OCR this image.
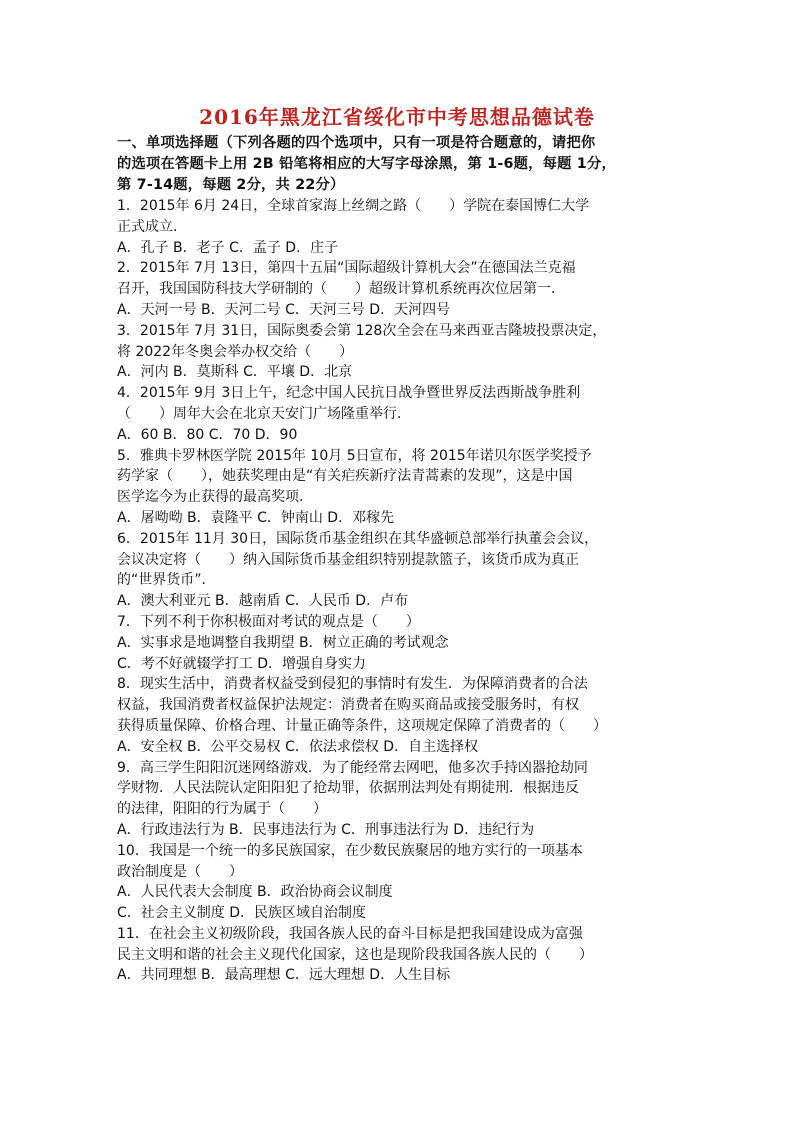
2016年黑龙江省绥化市中考思想品德试卷
一、单项选择题（下列各题的四个选项中，只有一项是符合题意的，请把你
的选项在答题卡上用 2B 铅笔将相应的大写字母涂黑，第 1-6题，每题 1分，
第 7-14题，每题 2分，共 22分）
1．2015年 6月 24日，全球首家海上丝绸之路（　　）学院在泰国博仁大学
正式成立．
A．孔子 B．老子 C．孟子 D．庄子
2．2015年 7月 13日，第四十五届“国际超级计算机大会”在德国法兰克福
召开，我国国防科技大学研制的（　　）超级计算机系统再次位居第一．
A．天河一号 B．天河二号 C．天河三号 D．天河四号
3．2015年 7月 31日，国际奥委会第 128次全会在马来西亚吉隆坡投票决定，
将 2022年冬奥会举办权交给（　　）
A．河内 B．莫斯科 C．平壤 D．北京
4．2015年 9月 3日上午，纪念中国人民抗日战争暨世界反法西斯战争胜利
（　　）周年大会在北京天安门广场隆重举行．
A．60 B．80 C．70 D．90
5．雅典卡罗林医学院 2015年 10月 5日宣布，将 2015年诺贝尔医学奖授予
药学家（　　），她获奖理由是“有关疟疾新疗法青蒿素的发现”，这是中国
医学迄今为止获得的最高奖项．
A．屠呦呦 B．袁隆平 C．钟南山 D．邓稼先
6．2015年 11月 30日，国际货币基金组织在其华盛顿总部举行执董会会议，
会议决定将（　　）纳入国际货币基金组织特别提款篮子，该货币成为真正
的“世界货币”．
A．澳大利亚元 B．越南盾 C．人民币 D．卢布
7．下列不利于你积极面对考试的观点是（　　）
A．实事求是地调整自我期望 B．树立正确的考试观念
C．考不好就辍学打工 D．增强自身实力
8．现实生活中，消费者权益受到侵犯的事情时有发生．为保障消费者的合法
权益，我国消费者权益保护法规定：消费者在购买商品或接受服务时，有权
获得质量保障、价格合理、计量正确等条件，这项规定保障了消费者的（　　）
A．安全权 B．公平交易权 C．依法求偿权 D．自主选择权
9．高三学生阳阳沉迷网络游戏．为了能经常去网吧，他多次手持凶器抢劫同
学财物．人民法院认定阳阳犯了抢劫罪，依据刑法判处有期徒刑．根据违反
的法律，阳阳的行为属于（　　）
A．行政违法行为 B．民事违法行为 C．刑事违法行为 D．违纪行为
10．我国是一个统一的多民族国家，在少数民族聚居的地方实行的一项基本
政治制度是（　　）
A．人民代表大会制度 B．政治协商会议制度
C．社会主义制度 D．民族区域自治制度
11．在社会主义初级阶段，我国各族人民的奋斗目标是把我国建设成为富强
民主文明和谐的社会主义现代化国家，这也是现阶段我国各族人民的（　　）
A．共同理想 B．最高理想 C．远大理想 D．人生目标
